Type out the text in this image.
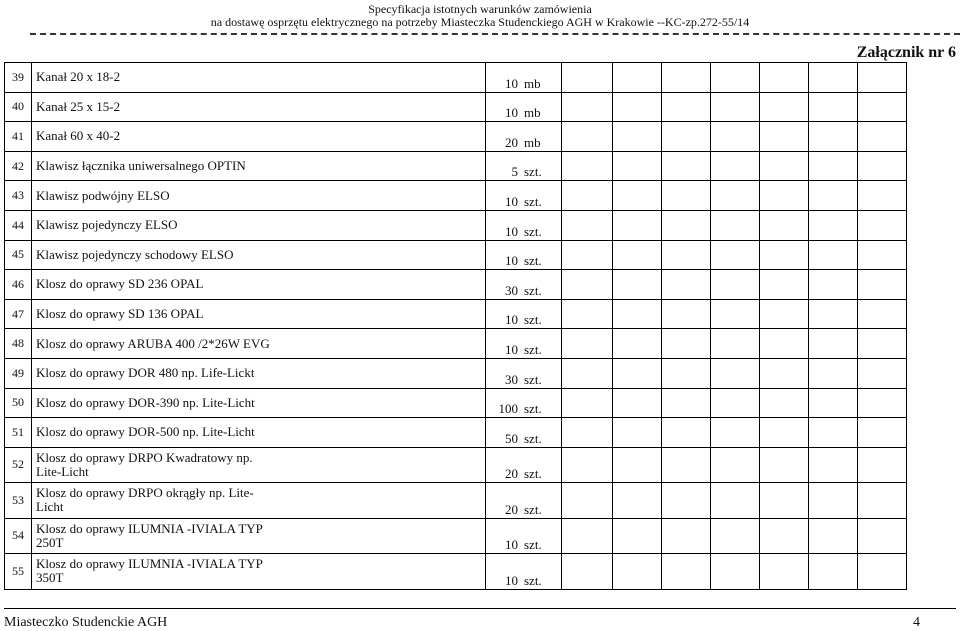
Specyfikacja istotnych warunków zamówienia
na dostawę osprzętu elektrycznego na potrzeby Miasteczka Studenckiego AGH w Krakowie --KC-zp.272-55/14
Załącznik nr 6
39	Kanał 20 x 18-2	10 mb							
40	Kanał 25 x 15-2	10 mb							
41	Kanał 60 x 40-2	20 mb							
42	Klawisz łącznika uniwersalnego OPTIN	5 szt.							
43	Klawisz podwójny ELSO	10 szt.							
44	Klawisz pojedynczy ELSO	10 szt.							
45	Klawisz pojedynczy schodowy ELSO	10 szt.							
46	Klosz do oprawy SD 236 OPAL	30 szt.							
47	Klosz do oprawy SD 136 OPAL	10 szt.							
48	Klosz do oprawy ARUBA 400 /2*26W EVG	10 szt.							
49	Klosz do oprawy DOR 480 np. Life-Lickt	30 szt.							
50	Klosz do oprawy DOR-390 np. Lite-Licht	100 szt.							
51	Klosz do oprawy DOR-500 np. Lite-Licht	50 szt.							
52	Klosz do oprawy DRPO Kwadratowy np.
Lite-Licht	20 szt.							
53	Klosz do oprawy DRPO okrągły np. Lite-
Licht	20 szt.							
54	Klosz do oprawy ILUMNIA -IVIALA TYP
250T	10 szt.							
55	Klosz do oprawy ILUMNIA -IVIALA TYP
350T	10 szt.							
Miasteczko Studenckie AGH	4
